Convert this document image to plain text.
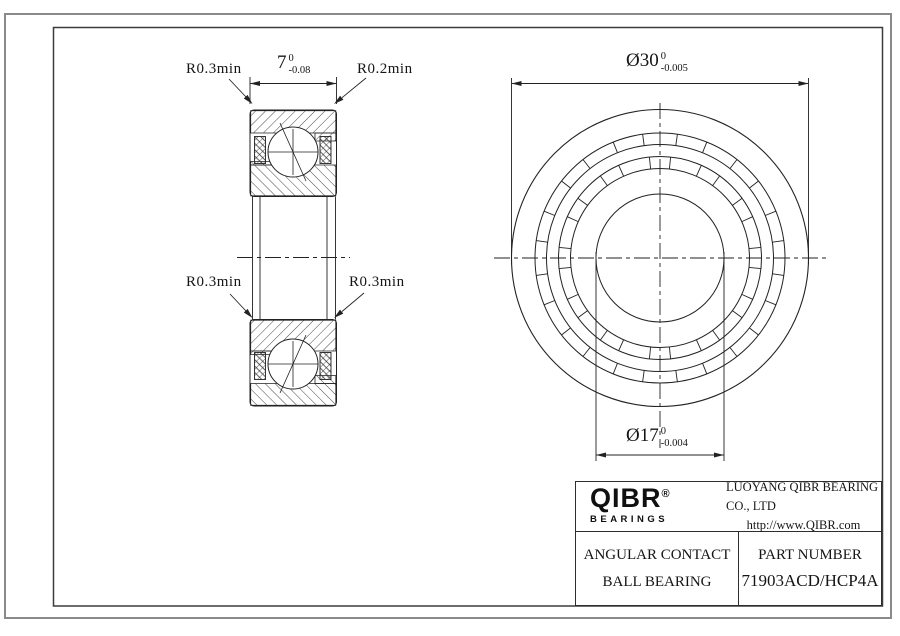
R0.3min	R0.2min
R0.3min	R0.3min
7 0
-0.08	Ø30 0
-0.005
Ø17 0
-0.004
QIBR®
BEARINGS
LUOYANG QIBR BEARING CO., LTD
http://www.QIBR.com
ANGULAR CONTACT
BALL BEARING
PART NUMBER
71903ACD/HCP4A
